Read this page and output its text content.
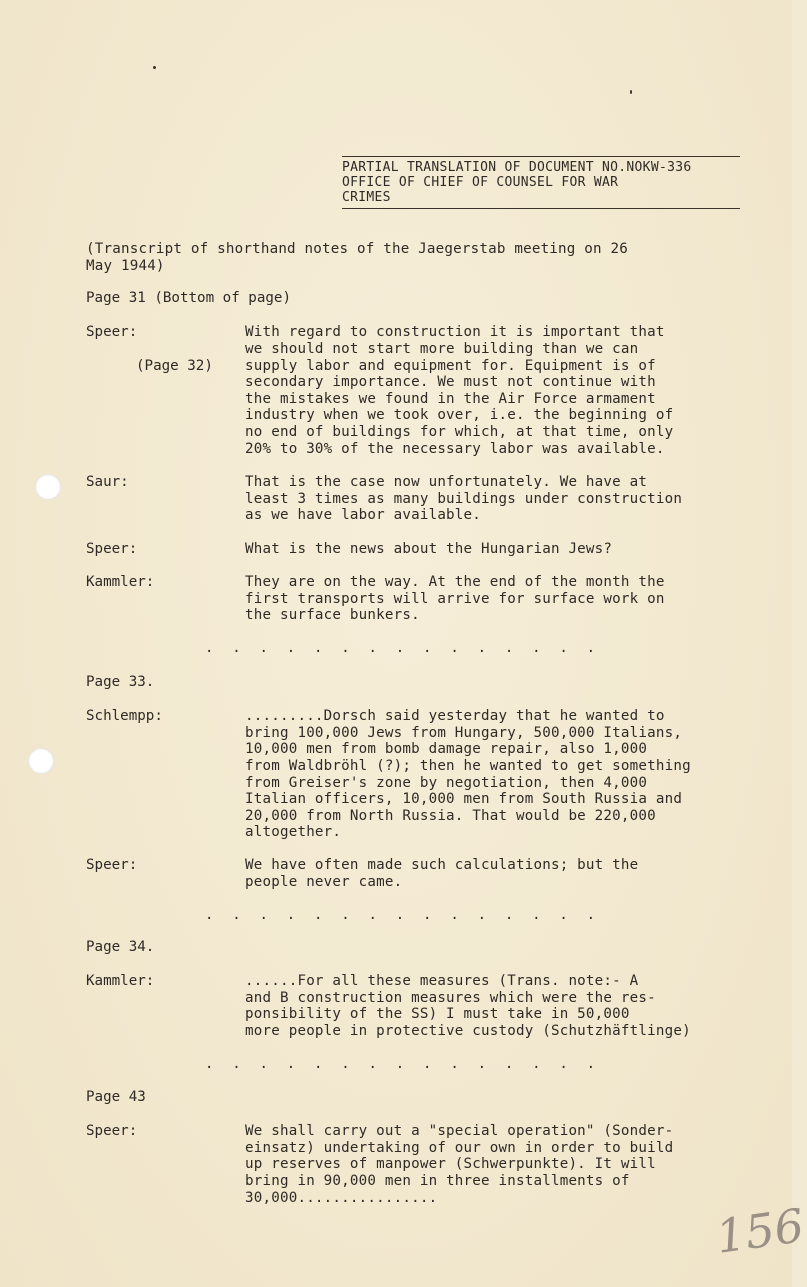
PARTIAL TRANSLATION OF DOCUMENT NO.NOKW-336
OFFICE OF CHIEF OF COUNSEL FOR WAR
CRIMES
(Transcript of shorthand notes of the Jaegerstab meeting on 26
May 1944)
Page 31 (Bottom of page)
Speer:
(Page 32)
With regard to construction it is important that
we should not start more building than we can
supply labor and equipment for. Equipment is of
secondary importance. We must not continue with
the mistakes we found in the Air Force armament
industry when we took over, i.e. the beginning of
no end of buildings for which, at that time, only
20% to 30% of the necessary labor was available.
Saur:	That is the case now unfortunately. We have at
least 3 times as many buildings under construction
as we have labor available.
Speer:	What is the news about the Hungarian Jews?
Kammler:	They are on the way. At the end of the month the
first transports will arrive for surface work on
the surface bunkers.
. . . . . . . . . . . . . . .
Page 33.
Schlempp:	.........Dorsch said yesterday that he wanted to
bring 100,000 Jews from Hungary, 500,000 Italians,
10,000 men from bomb damage repair, also 1,000
from Waldbröhl (?); then he wanted to get something
from Greiser's zone by negotiation, then 4,000
Italian officers, 10,000 men from South Russia and
20,000 from North Russia. That would be 220,000
altogether.
Speer:	We have often made such calculations; but the
people never came.
. . . . . . . . . . . . . . .
Page 34.
Kammler:	......For all these measures (Trans. note:- A
and B construction measures which were the res-
ponsibility of the SS) I must take in 50,000
more people in protective custody (Schutzhäftlinge)
. . . . . . . . . . . . . . .
Page 43
Speer:	We shall carry out a "special operation" (Sonder-
einsatz) undertaking of our own in order to build
up reserves of manpower (Schwerpunkte). It will
bring in 90,000 men in three installments of
30,000................
156
